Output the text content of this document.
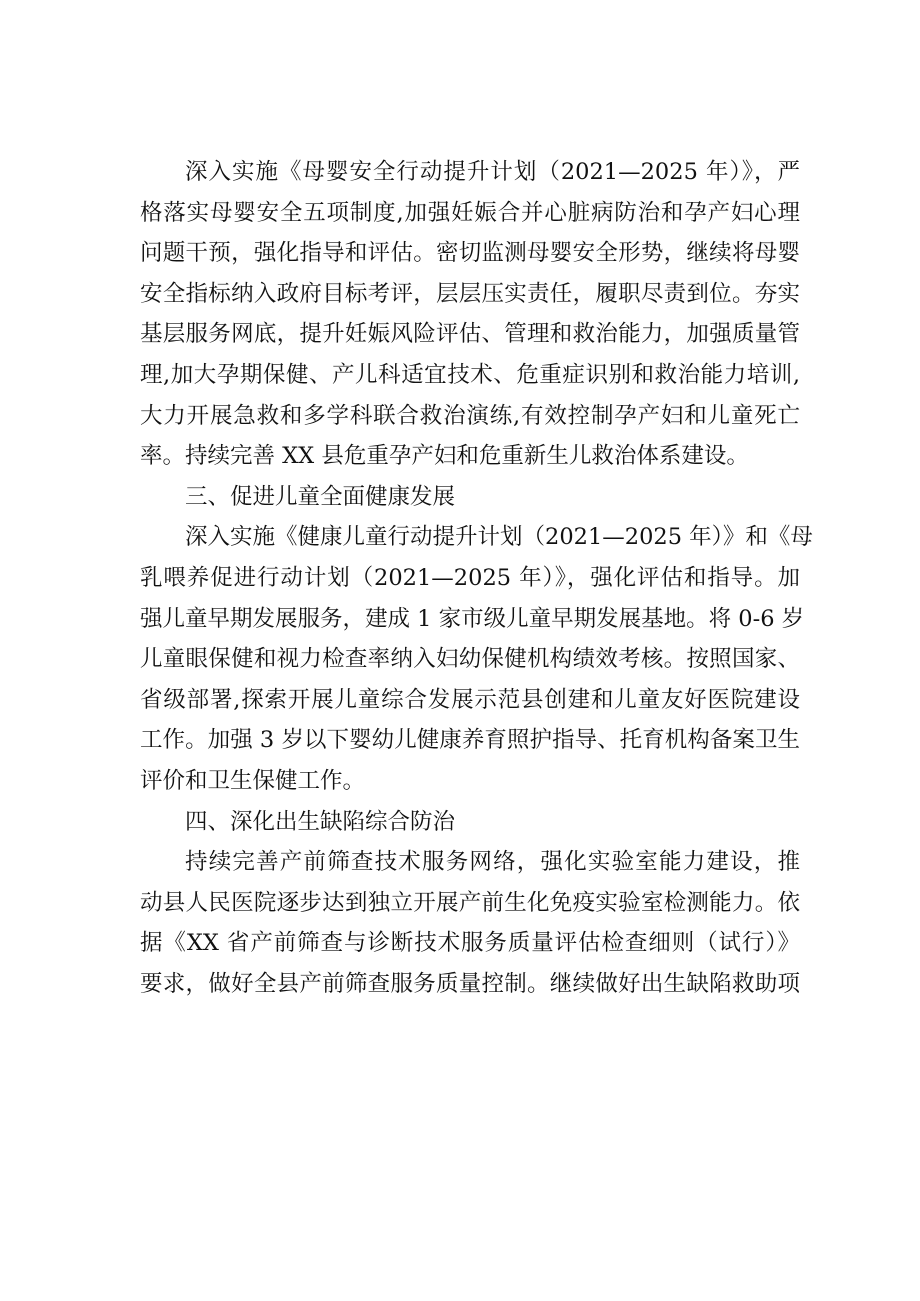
深入实施《母婴安全行动提升计划（2021—2025 年）》，严
格落实母婴安全五项制度,加强妊娠合并心脏病防治和孕产妇心理
问题干预，强化指导和评估。密切监测母婴安全形势，继续将母婴
安全指标纳入政府目标考评，层层压实责任，履职尽责到位。夯实
基层服务网底，提升妊娠风险评估、管理和救治能力，加强质量管
理,加大孕期保健、产儿科适宜技术、危重症识别和救治能力培训,
大力开展急救和多学科联合救治演练,有效控制孕产妇和儿童死亡
率。持续完善 XX 县危重孕产妇和危重新生儿救治体系建设。
三、促进儿童全面健康发展
深入实施《健康儿童行动提升计划（2021—2025 年）》和《母
乳喂养促进行动计划（2021—2025 年）》，强化评估和指导。加
强儿童早期发展服务，建成 1 家市级儿童早期发展基地。将 0-6 岁
儿童眼保健和视力检查率纳入妇幼保健机构绩效考核。按照国家、
省级部署,探索开展儿童综合发展示范县创建和儿童友好医院建设
工作。加强 3 岁以下婴幼儿健康养育照护指导、托育机构备案卫生
评价和卫生保健工作。
四、深化出生缺陷综合防治
持续完善产前筛查技术服务网络，强化实验室能力建设，推
动县人民医院逐步达到独立开展产前生化免疫实验室检测能力。依
据《XX 省产前筛查与诊断技术服务质量评估检查细则（试行）》
要求，做好全县产前筛查服务质量控制。继续做好出生缺陷救助项
